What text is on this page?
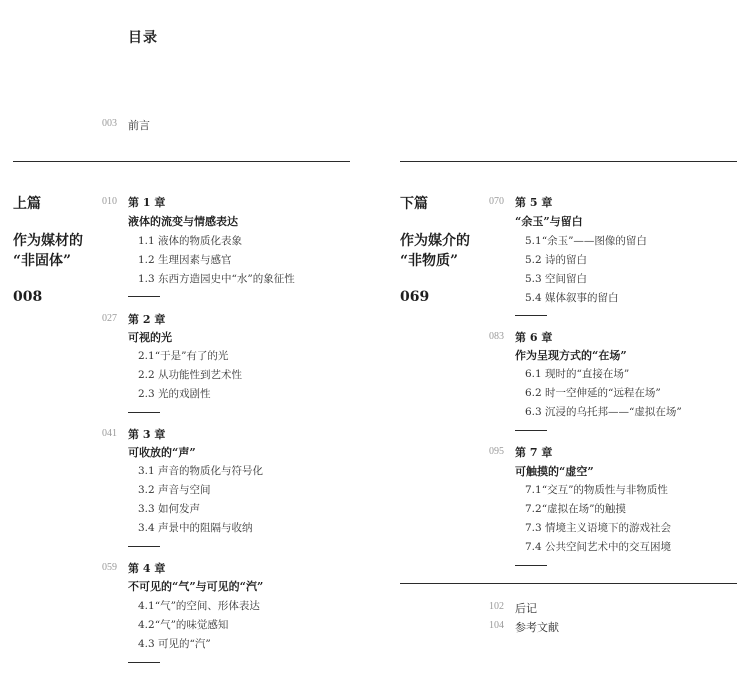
目录
003 前言
上篇
作为媒材的
“非固体”
008
010 第 1 章
液体的流变与情感表达
1.1 液体的物质化表象
1.2 生理因素与感官
1.3 东西方造园史中“水”的象征性
027 第 2 章
可视的光
2.1“于是”有了的光
2.2 从功能性到艺术性
2.3 光的戏剧性
041 第 3 章
可收放的“声”
3.1 声音的物质化与符号化
3.2 声音与空间
3.3 如何发声
3.4 声景中的阻隔与收纳
059 第 4 章
不可见的“气”与可见的“汽”
4.1“气”的空间、形体表达
4.2“气”的味觉感知
4.3 可见的“汽”
下篇
作为媒介的
“非物质”
069
070 第 5 章
“余玉”与留白
5.1“余玉”——图像的留白
5.2 诗的留白
5.3 空间留白
5.4 媒体叙事的留白
083 第 6 章
作为呈现方式的“在场”
6.1 现时的“直接在场”
6.2 时一空伸延的“远程在场”
6.3 沉浸的乌托邦——“虚拟在场”
095 第 7 章
可触摸的“虚空”
7.1“交互”的物质性与非物质性
7.2“虚拟在场”的触摸
7.3 情境主义语境下的游戏社会
7.4 公共空间艺术中的交互困境
102 后记
104 参考文献
